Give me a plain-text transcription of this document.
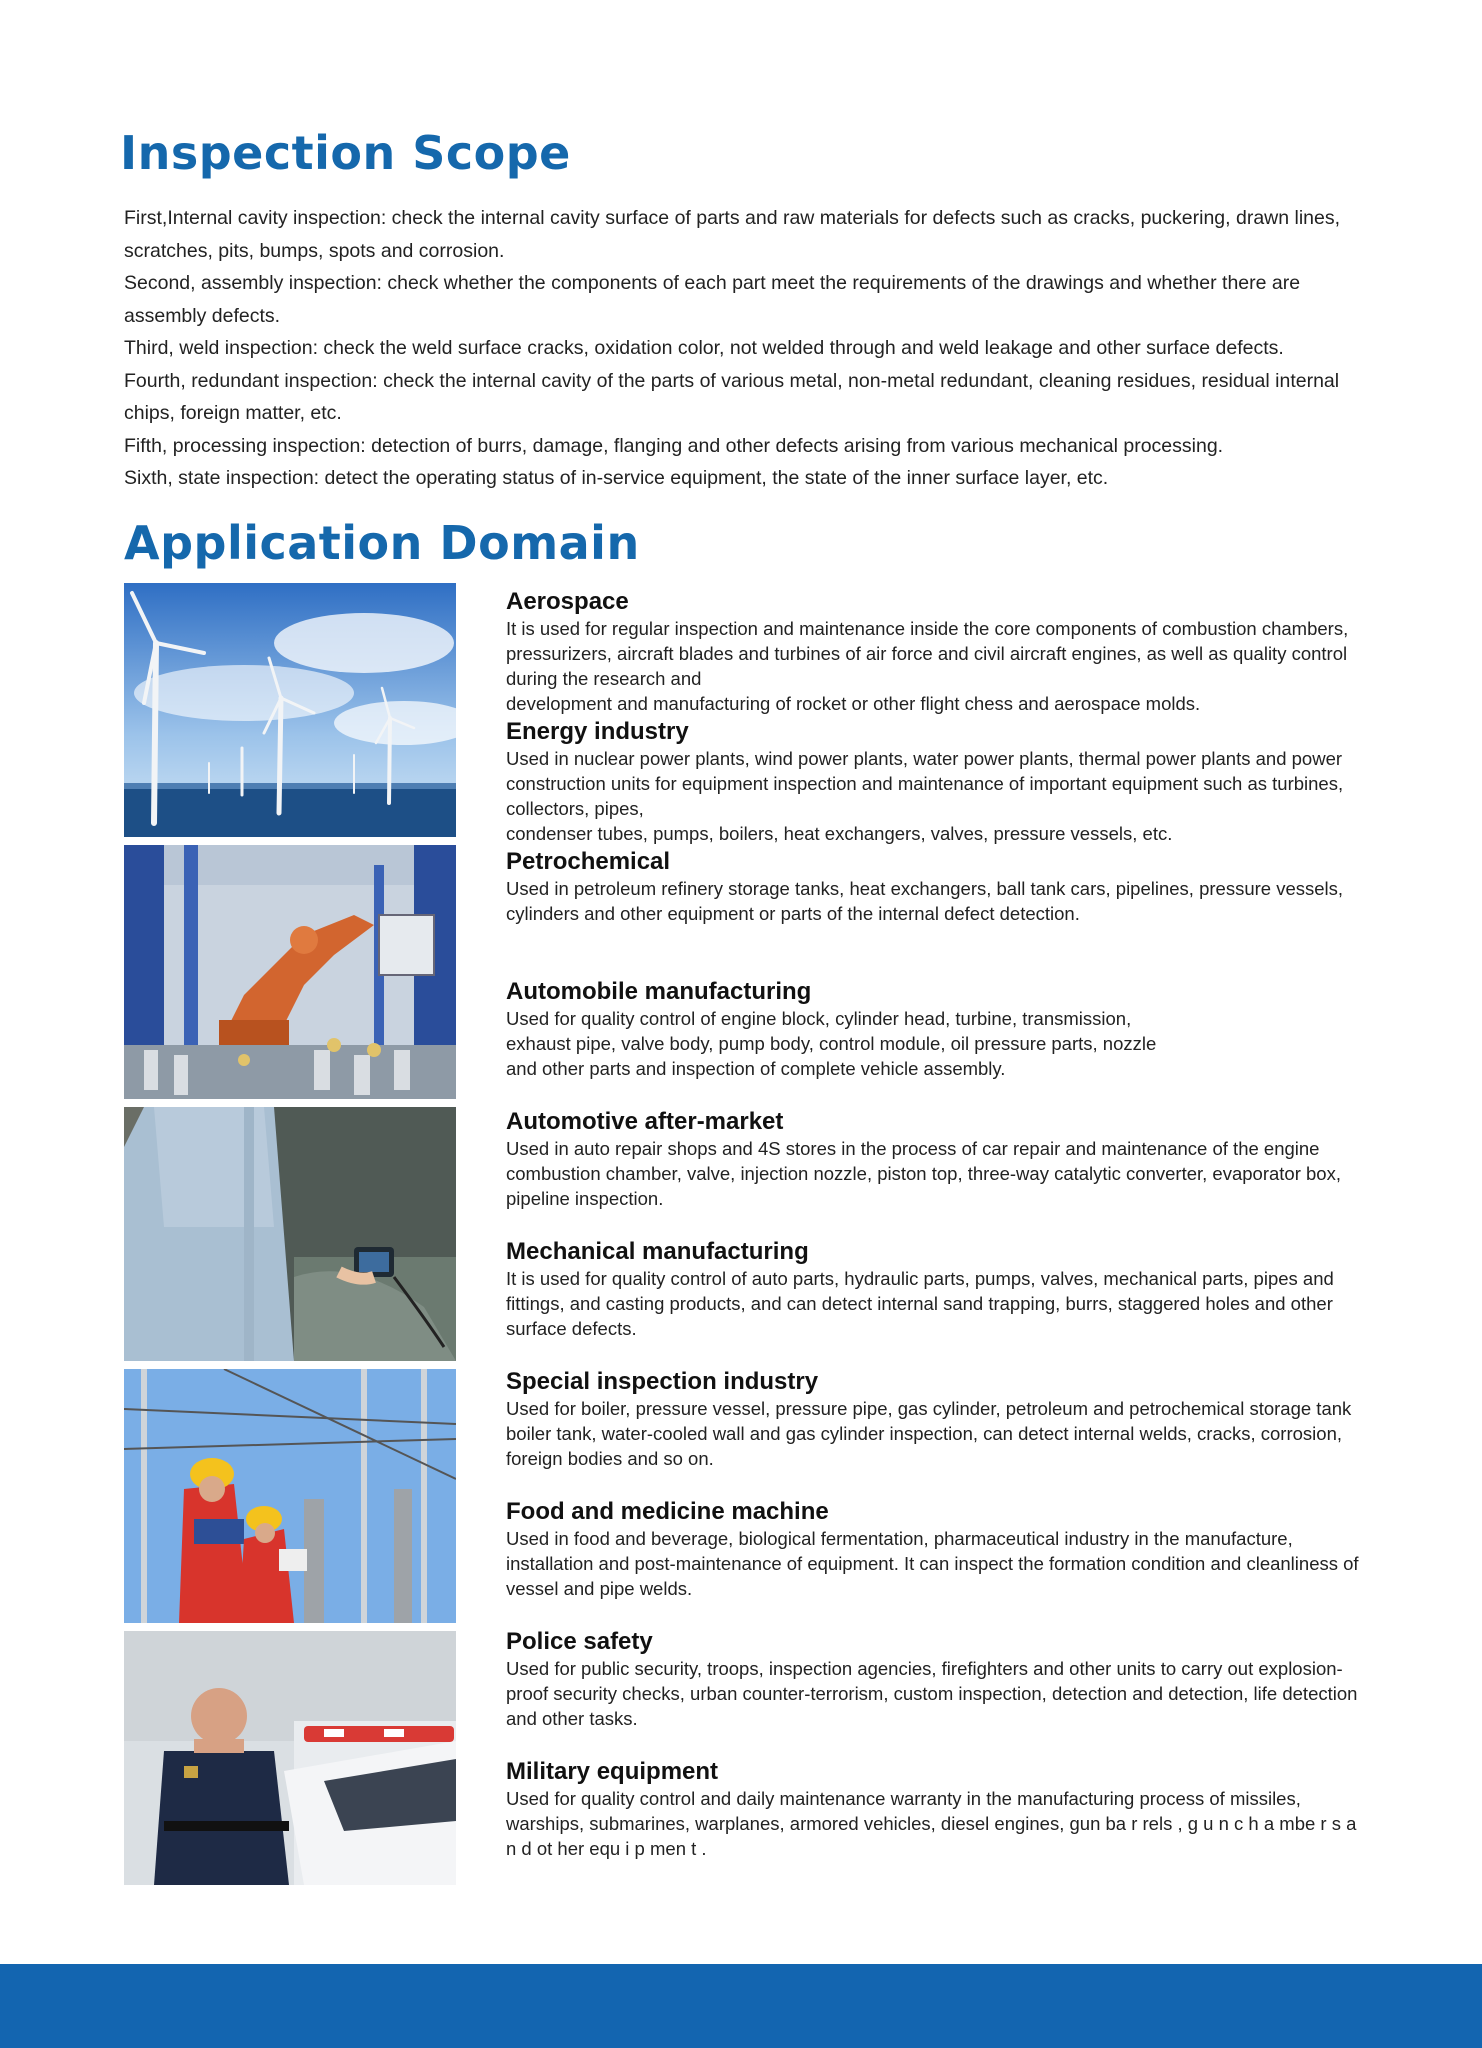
Inspection Scope

First,Internal cavity inspection: check the internal cavity surface of parts and raw materials for defects such as cracks, puckering, drawn lines, scratches, pits, bumps, spots and corrosion.

Second, assembly inspection: check whether the components of each part meet the requirements of the drawings and whether there are assembly defects.

Third, weld inspection: check the weld surface cracks, oxidation color, not welded through and weld leakage and other surface defects.

Fourth, redundant inspection: check the internal cavity of the parts of various metal, non-metal redundant, cleaning residues, residual internal chips, foreign matter, etc.

Fifth, processing inspection: detection of burrs, damage, flanging and other defects arising from various mechanical processing.

Sixth, state inspection: detect the operating status of in-service equipment, the state of the inner surface layer, etc.

Application Domain
Aerospace

It is used for regular inspection and maintenance inside the core components of combustion chambers, pressurizers, aircraft blades and turbines of air force and civil aircraft engines, as well as quality control during the research and
development and manufacturing of rocket or other flight chess and aerospace molds.

Energy industry

Used in nuclear power plants, wind power plants, water power plants, thermal power plants and power construction units for equipment inspection and maintenance of important equipment such as turbines, collectors, pipes,
condenser tubes, pumps, boilers, heat exchangers, valves, pressure vessels, etc.

Petrochemical

Used in petroleum refinery storage tanks, heat exchangers, ball tank cars, pipelines, pressure vessels, cylinders and other equipment or parts of the internal defect detection.

Automobile manufacturing

Used for quality control of engine block, cylinder head, turbine, transmission,
exhaust pipe, valve body, pump body, control module, oil pressure parts, nozzle
and other parts and inspection of complete vehicle assembly.

Automotive after-market

Used in auto repair shops and 4S stores in the process of car repair and maintenance of the engine combustion chamber, valve, injection nozzle, piston top, three-way catalytic converter, evaporator box, pipeline inspection.

Mechanical manufacturing

It is used for quality control of auto parts, hydraulic parts, pumps, valves, mechanical parts, pipes and fittings, and casting products, and can detect internal sand trapping, burrs, staggered holes and other surface defects.

Special inspection industry

Used for boiler, pressure vessel, pressure pipe, gas cylinder, petroleum and petrochemical storage tank boiler tank, water-cooled wall and gas cylinder inspection, can detect internal welds, cracks, corrosion, foreign bodies and so on.

Food and medicine machine

Used in food and beverage, biological fermentation, pharmaceutical industry in the manufacture, installation and post-maintenance of equipment. It can inspect the formation condition and cleanliness of vessel and pipe welds.

Police safety

Used for public security, troops, inspection agencies, firefighters and other units to carry out explosion-proof security checks, urban counter-terrorism, custom inspection, detection and detection, life detection and other tasks.

Military equipment

Used for quality control and daily maintenance warranty in the manufacturing process of missiles, warships, submarines, warplanes, armored vehicles, diesel engines, gun ba r rels , g u n c h a mbe r s a n d ot her equ i p men t .
